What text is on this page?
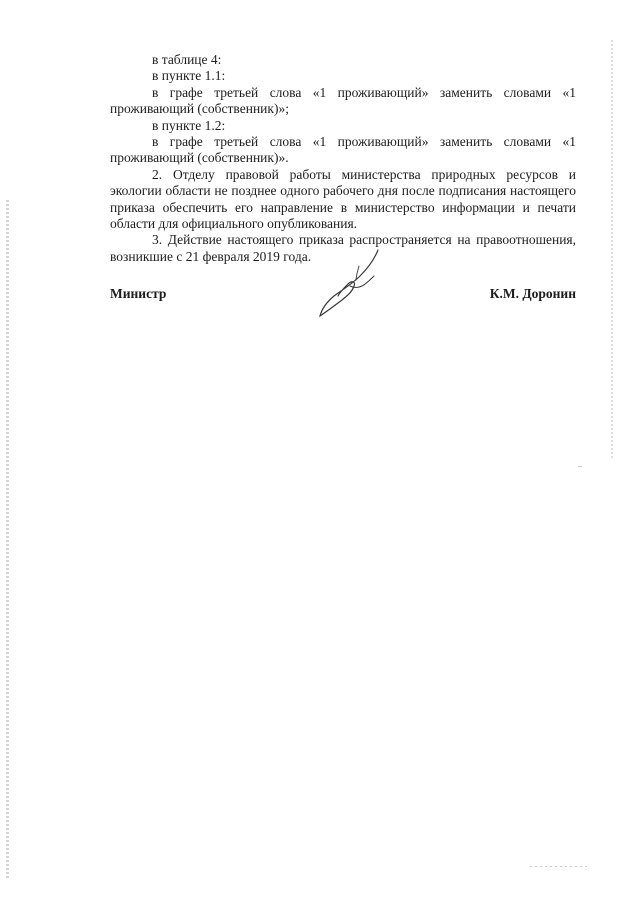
в таблице 4:

в пункте 1.1:

в графе третьей слова «1 проживающий» заменить словами «1 проживающий (собственник)»;

в пункте 1.2:

в графе третьей слова «1 проживающий» заменить словами «1 проживающий (собственник)».

2. Отделу правовой работы министерства природных ресурсов и экологии области не позднее одного рабочего дня после подписания настоящего приказа обеспечить его направление в министерство информации и печати области для официального опубликования.

3. Действие настоящего приказа распространяется на правоотношения, возникшие с 21 февраля 2019 года.

Министр	К.М. Доронин
